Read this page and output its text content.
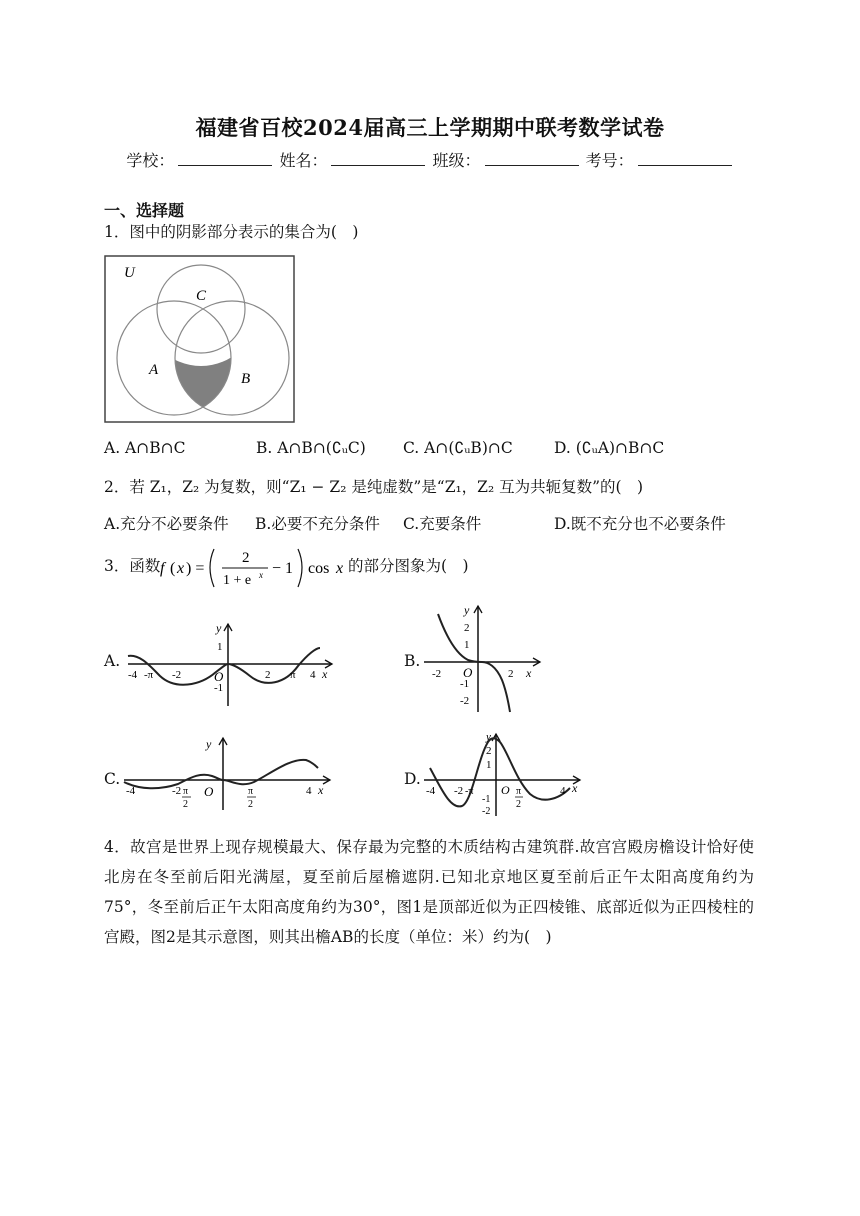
福建省百校2024届高三上学期期中联考数学试卷
学校：	姓名：	班级：	考号：
一、选择题
1．图中的阴影部分表示的集合为(　)
U
C
A
B
A. A∩B∩C	B. A∩B∩(∁ᵤC) C. A∩(∁ᵤB)∩C	D. (∁ᵤA)∩B∩C
2．若 Z₁，Z₂ 为复数，则“Z₁ − Z₂ 是纯虚数”是“Z₁，Z₂ 互为共轭复数”的(　)
A.充分不必要条件 B.必要不充分条件 C.充要条件	D.既不充分也不必要条件
3．函数 f ( x ) =
2
1 + e x − 1 cos x 的部分图象为(　)
A.
y
1
-1
O
-4 -π -2	2 π 4 x
B.
y
2
1
-1
-2
-2 O	2 x
C.
y
-4	-2 π
2
O	π
2
4 x
D.
y
2
1
-1
-2
-4 -2 -π O π
2
4 x
4．故宫是世界上现存规模最大、保存最为完整的木质结构古建筑群.故宫宫殿房檐设计恰好使北房在冬至前后阳光满屋，夏至前后屋檐遮阴.已知北京地区夏至前后正午太阳高度角约为75°，冬至前后正午太阳高度角约为30°，图1是顶部近似为正四棱锥、底部近似为正四棱柱的宫殿，图2是其示意图，则其出檐AB的长度（单位：米）约为(　)
